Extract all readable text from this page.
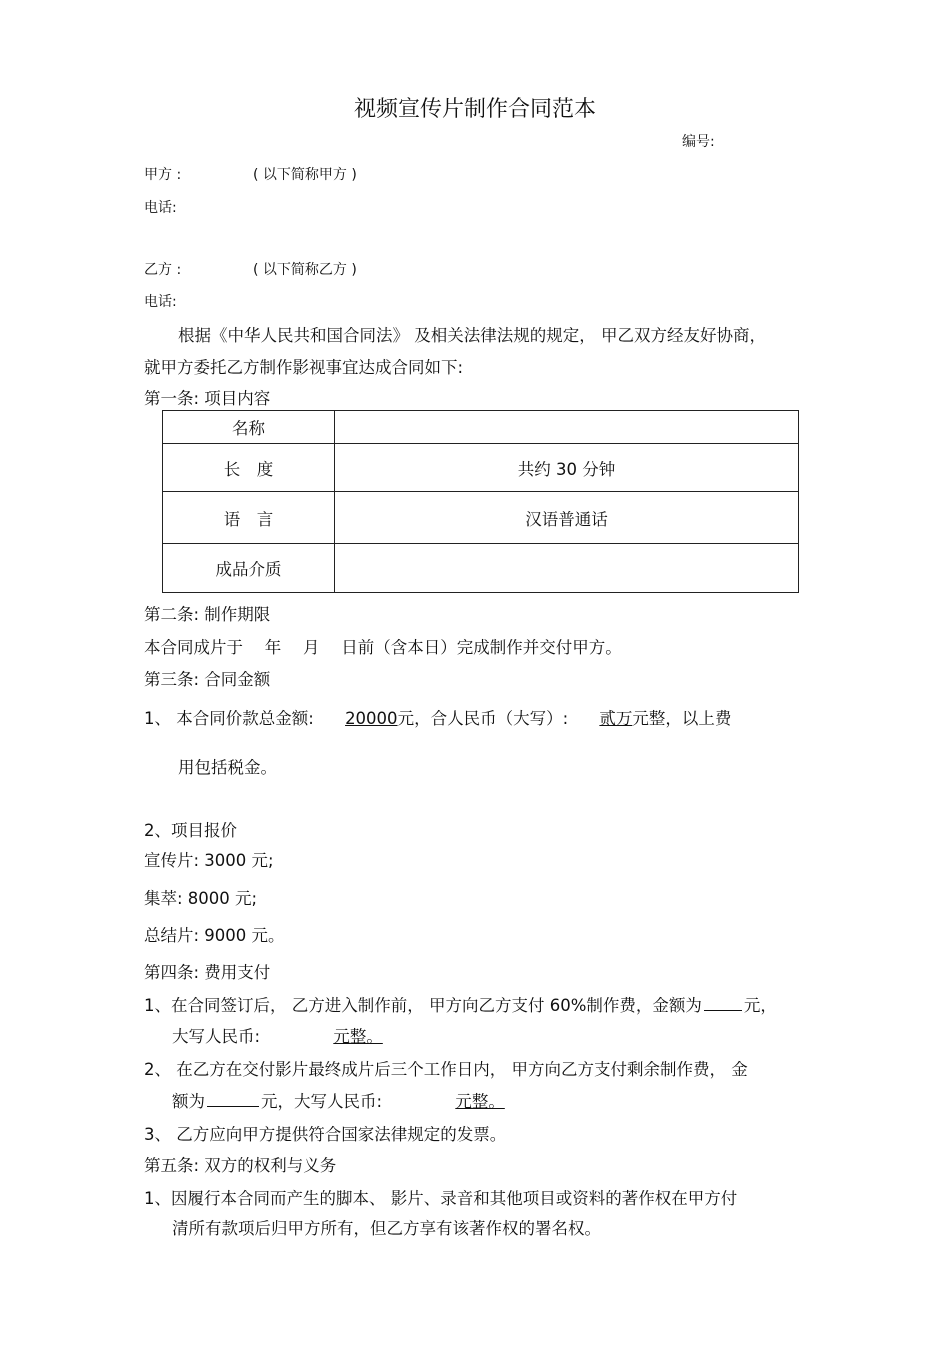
视频宣传片制作合同范本
编号:
甲方 :	( 以下简称甲方 )
电话:
乙方 :	( 以下简称乙方 )
电话:
根据《中华人民共和国合同法》 及相关法律法规的规定， 甲乙双方经友好协商，
就甲方委托乙方制作影视事宜达成合同如下:
第一条: 项目内容
名称	
长　度	共约 30 分钟
语　言	汉语普通话
成品介质	
第二条: 制作期限
本合同成片于 　年 　月 　日前（含本日）完成制作并交付甲方。
第三条: 合同金额
1、 本合同价款总金额: 20000元，合人民币（大写）: 贰万元整，以上费
用包括税金。
2、项目报价
宣传片: 3000 元;
集萃: 8000 元;
总结片: 9000 元。
第四条: 费用支付
1、在合同签订后， 乙方进入制作前， 甲方向乙方支付 60%制作费，金额为	元，
大写人民币:	元整。
2、 在乙方在交付影片最终成片后三个工作日内， 甲方向乙方支付剩余制作费， 金
额为	元，大写人民币:	元整。
3、 乙方应向甲方提供符合国家法律规定的发票。
第五条: 双方的权利与义务
1、因履行本合同而产生的脚本、 影片、录音和其他项目或资料的著作权在甲方付
清所有款项后归甲方所有，但乙方享有该著作权的署名权。
